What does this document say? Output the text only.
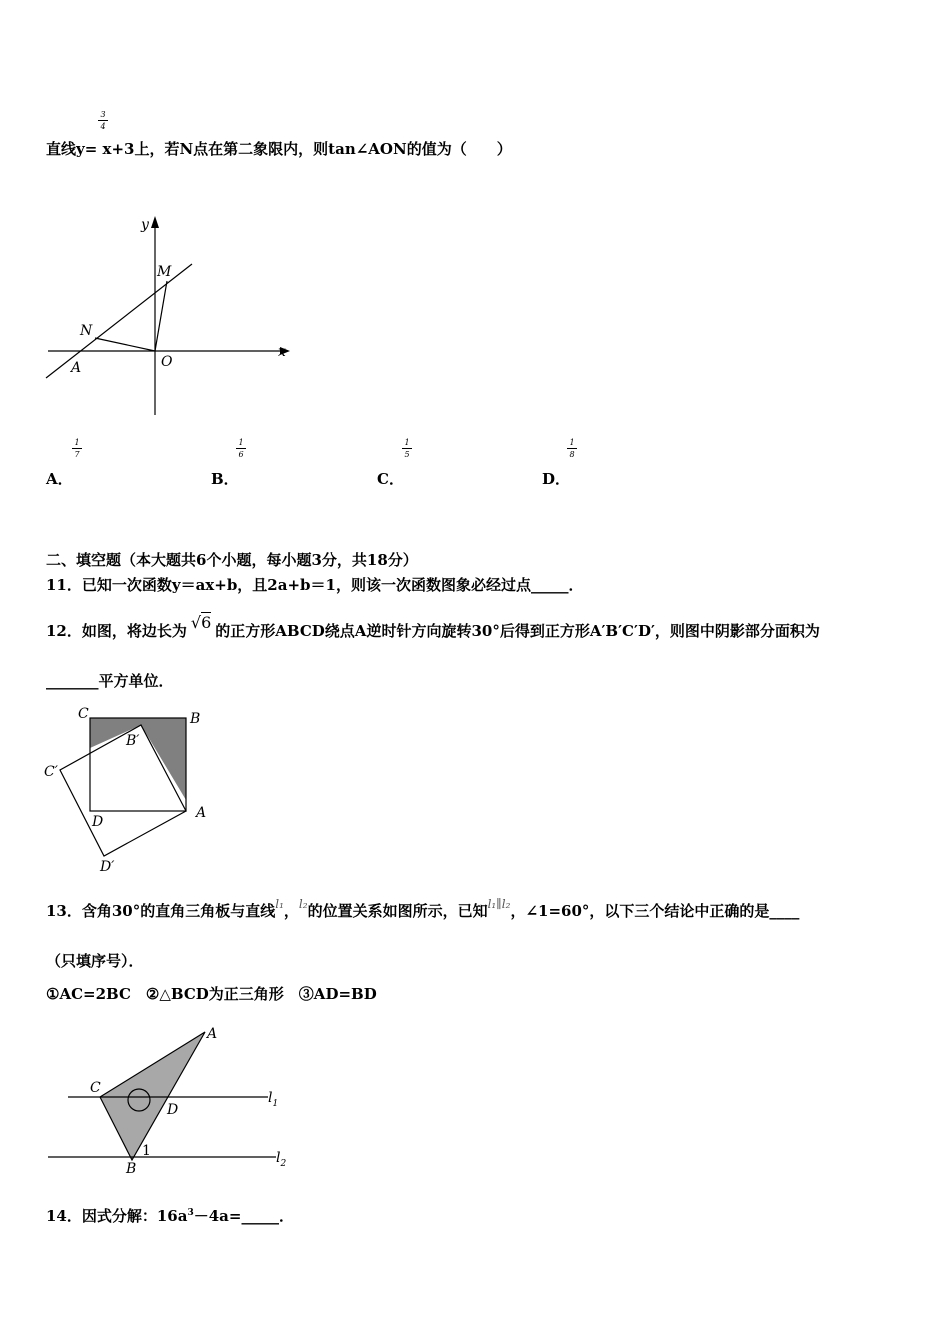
3
4
直线y= x+3上，若N点在第二象限内，则tan∠AON的值为（　　）
y
x
M
N
O
A
1
7
A．
1
6
B．
1
5
C．
1
8
D．
二、填空题（本大题共6个小题，每小题3分，共18分）
11．已知一次函数y＝ax+b，且2a+b＝1，则该一次函数图象必经过点_____．
12．如图，将边长为 √6 的正方形ABCD绕点A逆时针方向旋转30°后得到正方形A′B′C′D′，则图中阴影部分面积为
_______平方单位．
C	B
B′
C′
D
A
D′
13．含角30°的直角三角板与直线$^{l_1}$，$^{l_2}$的位置关系如图所示，已知$^{l_1\parallel l_2}$，∠1=60°，以下三个结论中正确的是____
（只填序号）．
①AC=2BC　②△BCD为正三角形　③AD=BD
A
C
D
B
1
$l_1$
$l_2$
14．因式分解：$16a^3-4a=\_\_\_\_\_$．
